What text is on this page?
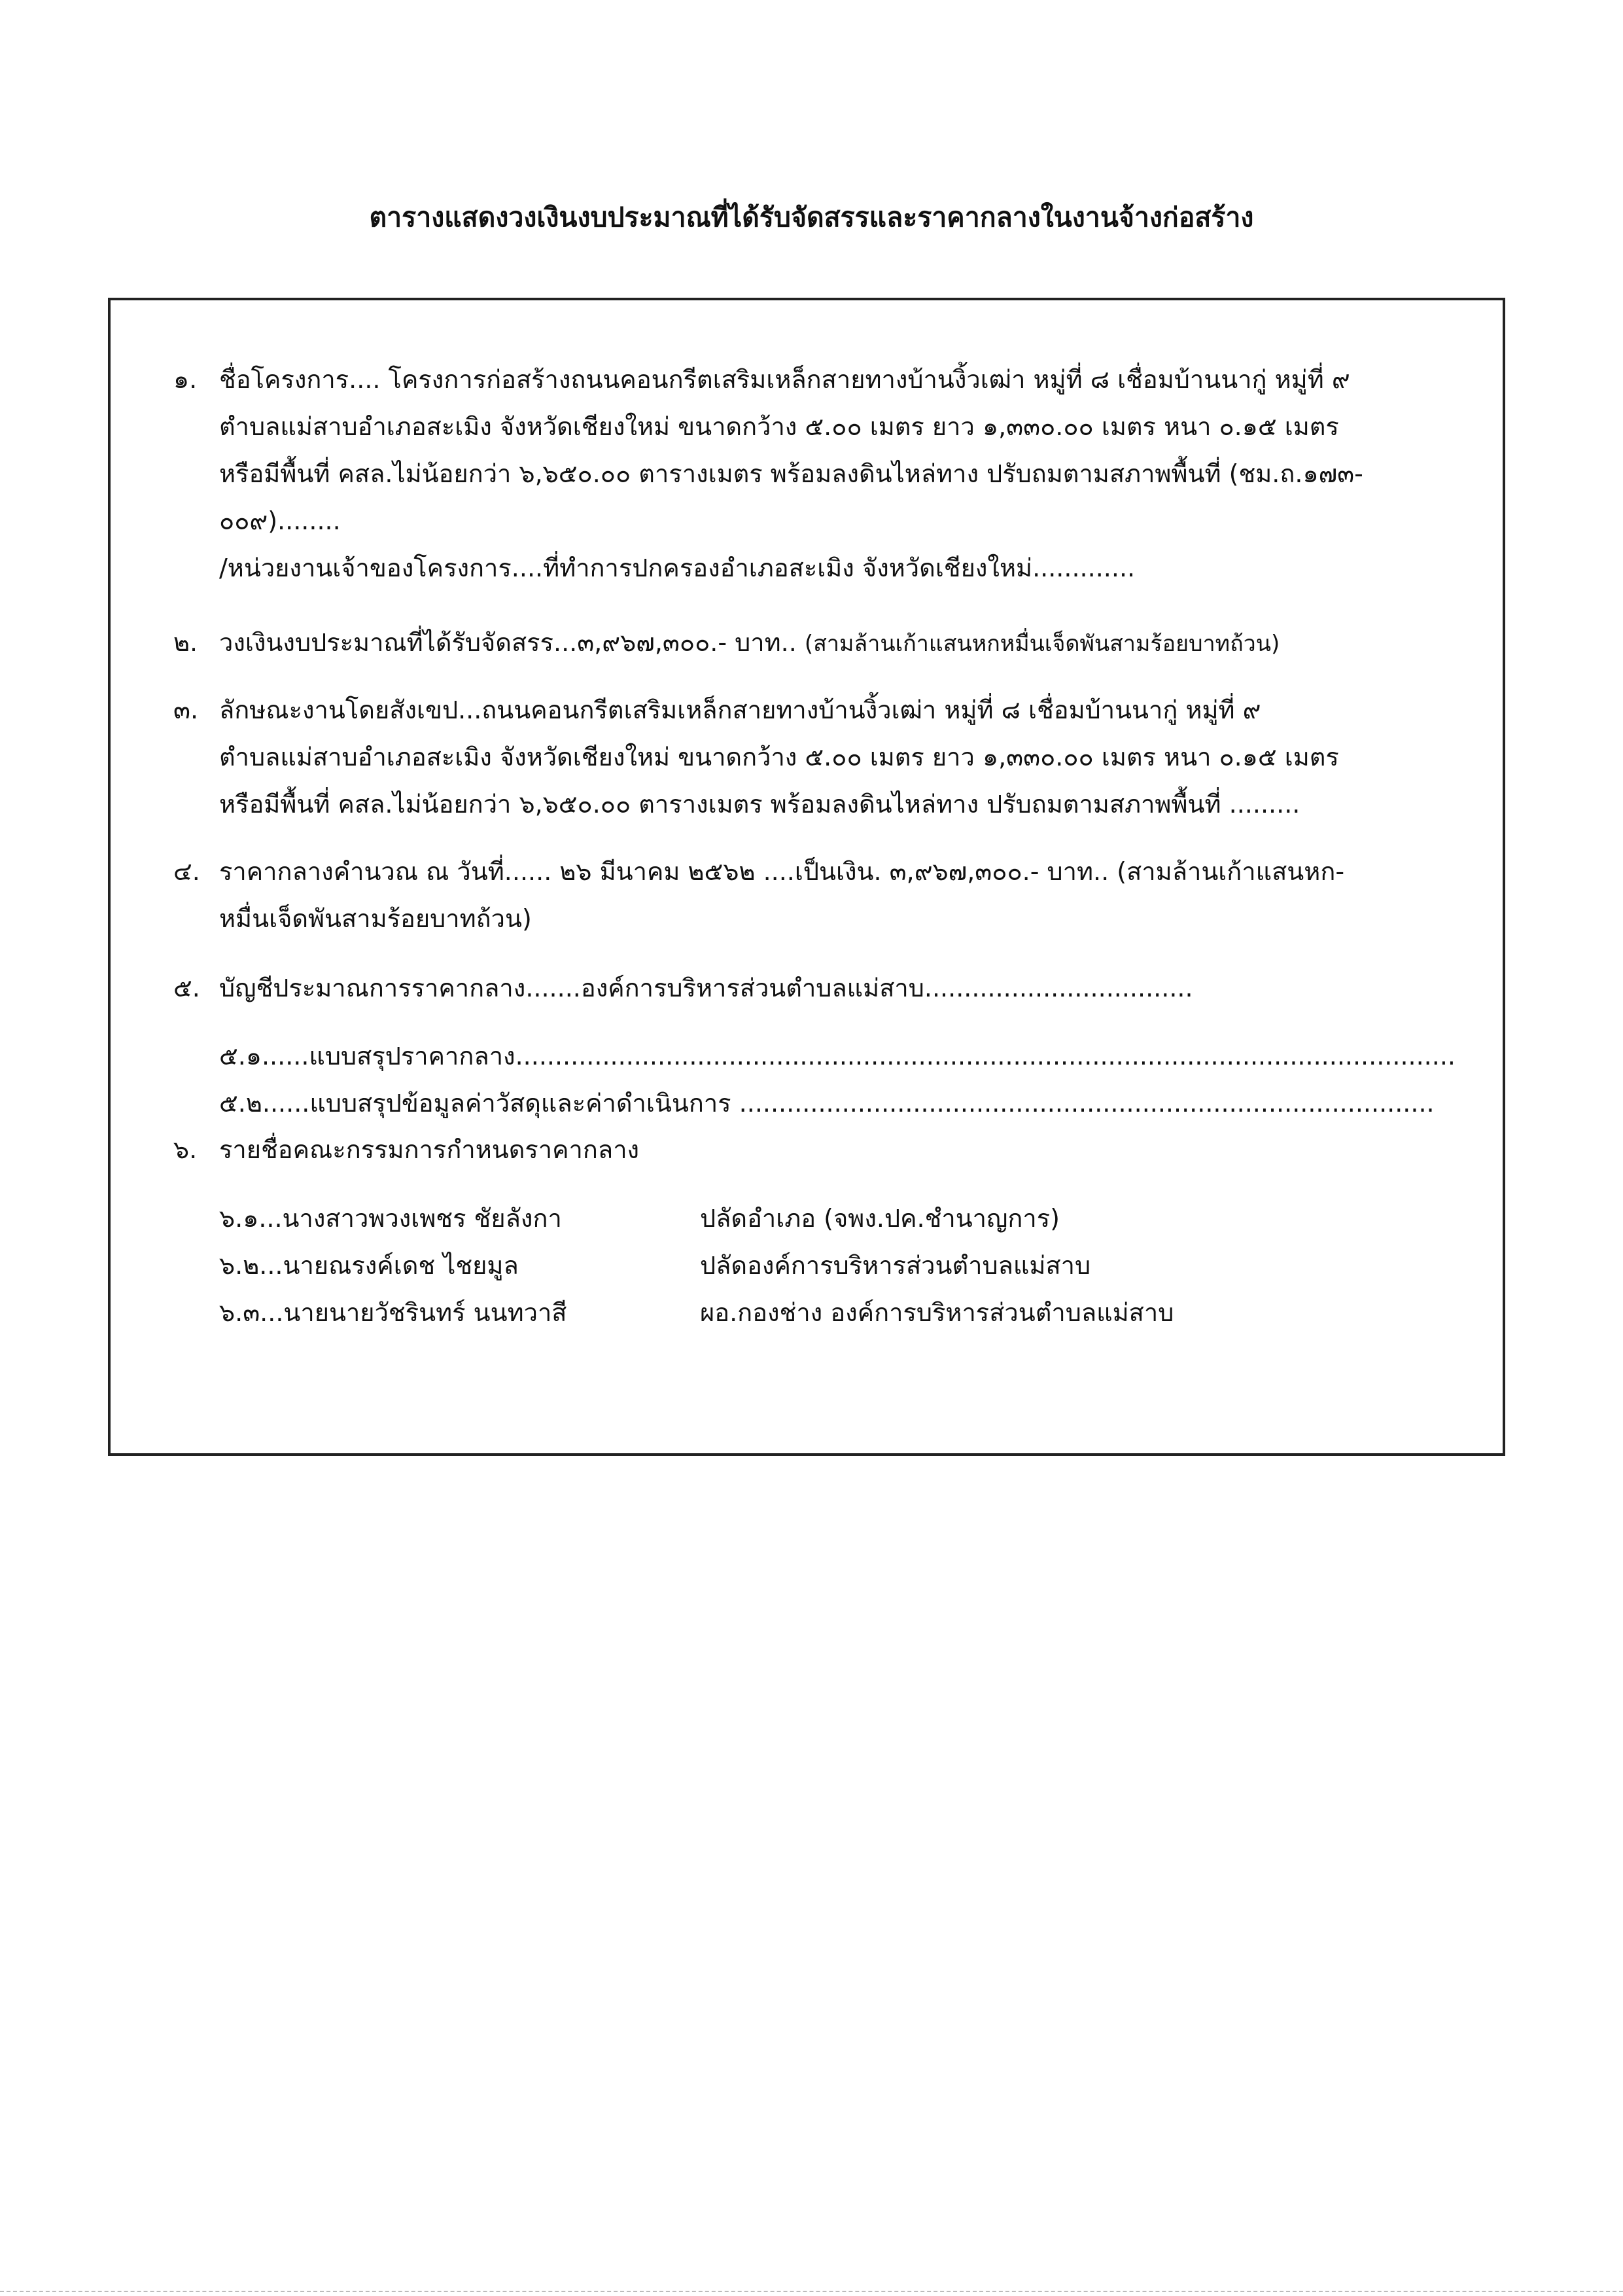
ตารางแสดงวงเงินงบประมาณที่ได้รับจัดสรรและราคากลางในงานจ้างก่อสร้าง
๑. ชื่อโครงการ.... โครงการก่อสร้างถนนคอนกรีตเสริมเหล็กสายทางบ้านงิ้วเฒ่า หมู่ที่ ๘ เชื่อมบ้านนากู่ หมู่ที่ ๙
ตำบลแม่สาบอำเภอสะเมิง จังหวัดเชียงใหม่ ขนาดกว้าง ๕.๐๐ เมตร ยาว ๑,๓๓๐.๐๐ เมตร หนา ๐.๑๕ เมตร
หรือมีพื้นที่ คสล.ไม่น้อยกว่า ๖,๖๕๐.๐๐ ตารางเมตร พร้อมลงดินไหล่ทาง ปรับถมตามสภาพพื้นที่ (ชม.ถ.๑๗๓-
๐๐๙)........
/หน่วยงานเจ้าของโครงการ....ที่ทำการปกครองอำเภอสะเมิง จังหวัดเชียงใหม่.............
๒. วงเงินงบประมาณที่ได้รับจัดสรร...๓,๙๖๗,๓๐๐.- บาท.. (สามล้านเก้าแสนหกหมื่นเจ็ดพันสามร้อยบาทถ้วน)
๓. ลักษณะงานโดยสังเขป...ถนนคอนกรีตเสริมเหล็กสายทางบ้านงิ้วเฒ่า หมู่ที่ ๘ เชื่อมบ้านนากู่ หมู่ที่ ๙
ตำบลแม่สาบอำเภอสะเมิง จังหวัดเชียงใหม่ ขนาดกว้าง ๕.๐๐ เมตร ยาว ๑,๓๓๐.๐๐ เมตร หนา ๐.๑๕ เมตร
หรือมีพื้นที่ คสล.ไม่น้อยกว่า ๖,๖๕๐.๐๐ ตารางเมตร พร้อมลงดินไหล่ทาง ปรับถมตามสภาพพื้นที่ .........
๔. ราคากลางคำนวณ ณ วันที่...... ๒๖ มีนาคม ๒๕๖๒ ....เป็นเงิน. ๓,๙๖๗,๓๐๐.- บาท.. (สามล้านเก้าแสนหก-
หมื่นเจ็ดพันสามร้อยบาทถ้วน)
๕. บัญชีประมาณการราคากลาง.......องค์การบริหารส่วนตำบลแม่สาบ..................................
๕.๑......แบบสรุปราคากลาง.......................................................................................................................
๕.๒......แบบสรุปข้อมูลค่าวัสดุและค่าดำเนินการ ........................................................................................
๖. รายชื่อคณะกรรมการกำหนดราคากลาง
๖.๑...นางสาวพวงเพชร ชัยลังกา	ปลัดอำเภอ (จพง.ปค.ชำนาญการ)
๖.๒...นายณรงค์เดช ไชยมูล	ปลัดองค์การบริหารส่วนตำบลแม่สาบ
๖.๓...นายนายวัชรินทร์ นนทวาสี	ผอ.กองช่าง องค์การบริหารส่วนตำบลแม่สาบ
